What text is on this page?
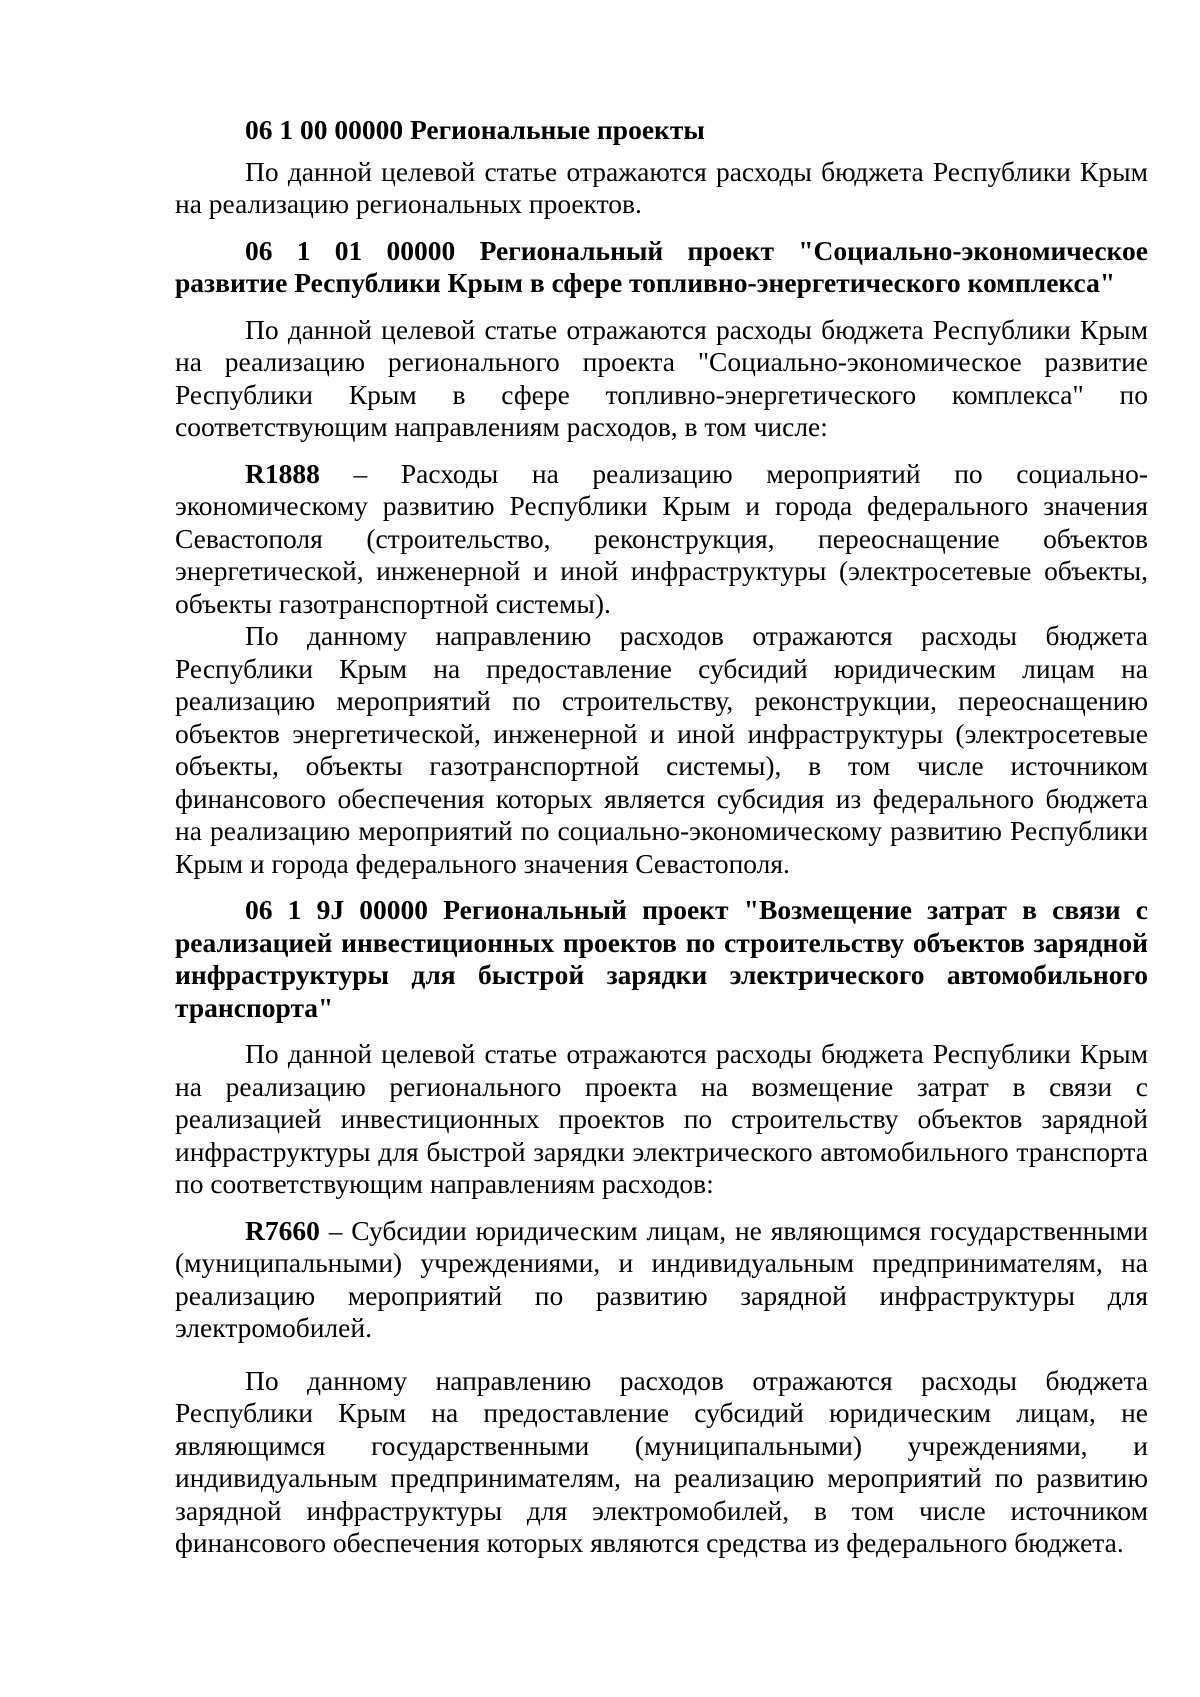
06 1 00 00000 Региональные проекты

По данной целевой статье отражаются расходы бюджета Республики Крым на реализацию региональных проектов.

06 1 01 00000 Региональный проект "Социально-экономическое развитие Республики Крым в сфере топливно-энергетического комплекса"

По данной целевой статье отражаются расходы бюджета Республики Крым на реализацию регионального проекта "Социально-экономическое развитие Республики Крым в сфере топливно-энергетического комплекса" по соответствующим направлениям расходов, в том числе:

R1888 – Расходы на реализацию мероприятий по социально-экономическому развитию Республики Крым и города федерального значения Севастополя (строительство, реконструкция, переоснащение объектов энергетической, инженерной и иной инфраструктуры (электросетевые объекты, объекты газотранспортной системы).

По данному направлению расходов отражаются расходы бюджета Республики Крым на предоставление субсидий юридическим лицам на реализацию мероприятий по строительству, реконструкции, переоснащению объектов энергетической, инженерной и иной инфраструктуры (электросетевые объекты, объекты газотранспортной системы), в том числе источником финансового обеспечения которых является субсидия из федерального бюджета на реализацию мероприятий по социально-экономическому развитию Республики Крым и города федерального значения Севастополя.

06 1 9J 00000 Региональный проект "Возмещение затрат в связи с реализацией инвестиционных проектов по строительству объектов зарядной инфраструктуры для быстрой зарядки электрического автомобильного транспорта"

По данной целевой статье отражаются расходы бюджета Республики Крым на реализацию регионального проекта на возмещение затрат в связи с реализацией инвестиционных проектов по строительству объектов зарядной инфраструктуры для быстрой зарядки электрического автомобильного транспорта по соответствующим направлениям расходов:

R7660 – Субсидии юридическим лицам, не являющимся государственными (муниципальными) учреждениями, и индивидуальным предпринимателям, на реализацию мероприятий по развитию зарядной инфраструктуры для электромобилей.

По данному направлению расходов отражаются расходы бюджета Республики Крым на предоставление субсидий юридическим лицам, не являющимся государственными (муниципальными) учреждениями, и индивидуальным предпринимателям, на реализацию мероприятий по развитию зарядной инфраструктуры для электромобилей, в том числе источником финансового обеспечения которых являются средства из федерального бюджета.
